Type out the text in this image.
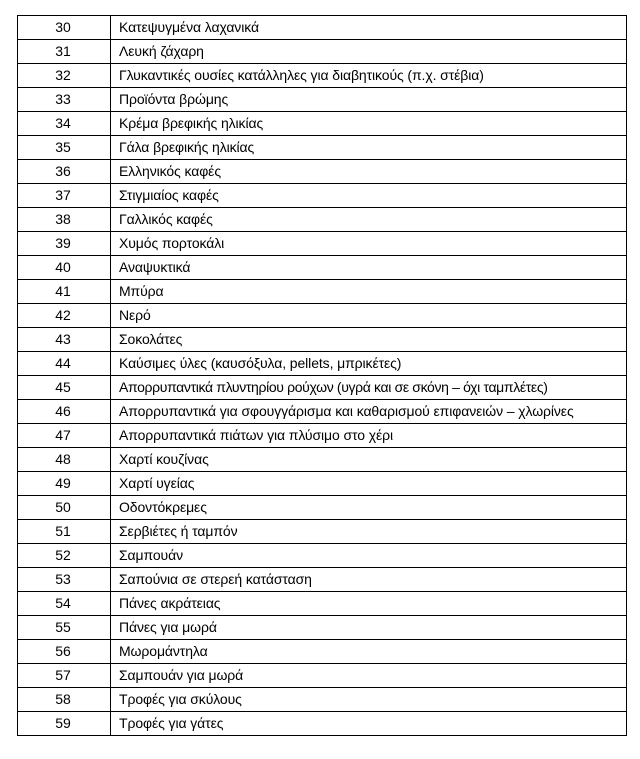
30	Κατεψυγμένα λαχανικά
31	Λευκή ζάχαρη
32	Γλυκαντικές ουσίες κατάλληλες για διαβητικούς (π.χ. στέβια)
33	Προϊόντα βρώμης
34	Κρέμα βρεφικής ηλικίας
35	Γάλα βρεφικής ηλικίας
36	Ελληνικός καφές
37	Στιγμιαίος καφές
38	Γαλλικός καφές
39	Χυμός πορτοκάλι
40	Αναψυκτικά
41	Μπύρα
42	Νερό
43	Σοκολάτες
44	Καύσιμες ύλες (καυσόξυλα, pellets, μπρικέτες)
45	Απορρυπαντικά πλυντηρίου ρούχων (υγρά και σε σκόνη – όχι ταμπλέτες)
46	Απορρυπαντικά για σφουγγάρισμα και καθαρισμού επιφανειών – χλωρίνες
47	Απορρυπαντικά πιάτων για πλύσιμο στο χέρι
48	Χαρτί κουζίνας
49	Χαρτί υγείας
50	Οδοντόκρεμες
51	Σερβιέτες ή ταμπόν
52	Σαμπουάν
53	Σαπούνια σε στερεή κατάσταση
54	Πάνες ακράτειας
55	Πάνες για μωρά
56	Μωρομάντηλα
57	Σαμπουάν για μωρά
58	Τροφές για σκύλους
59	Τροφές για γάτες
